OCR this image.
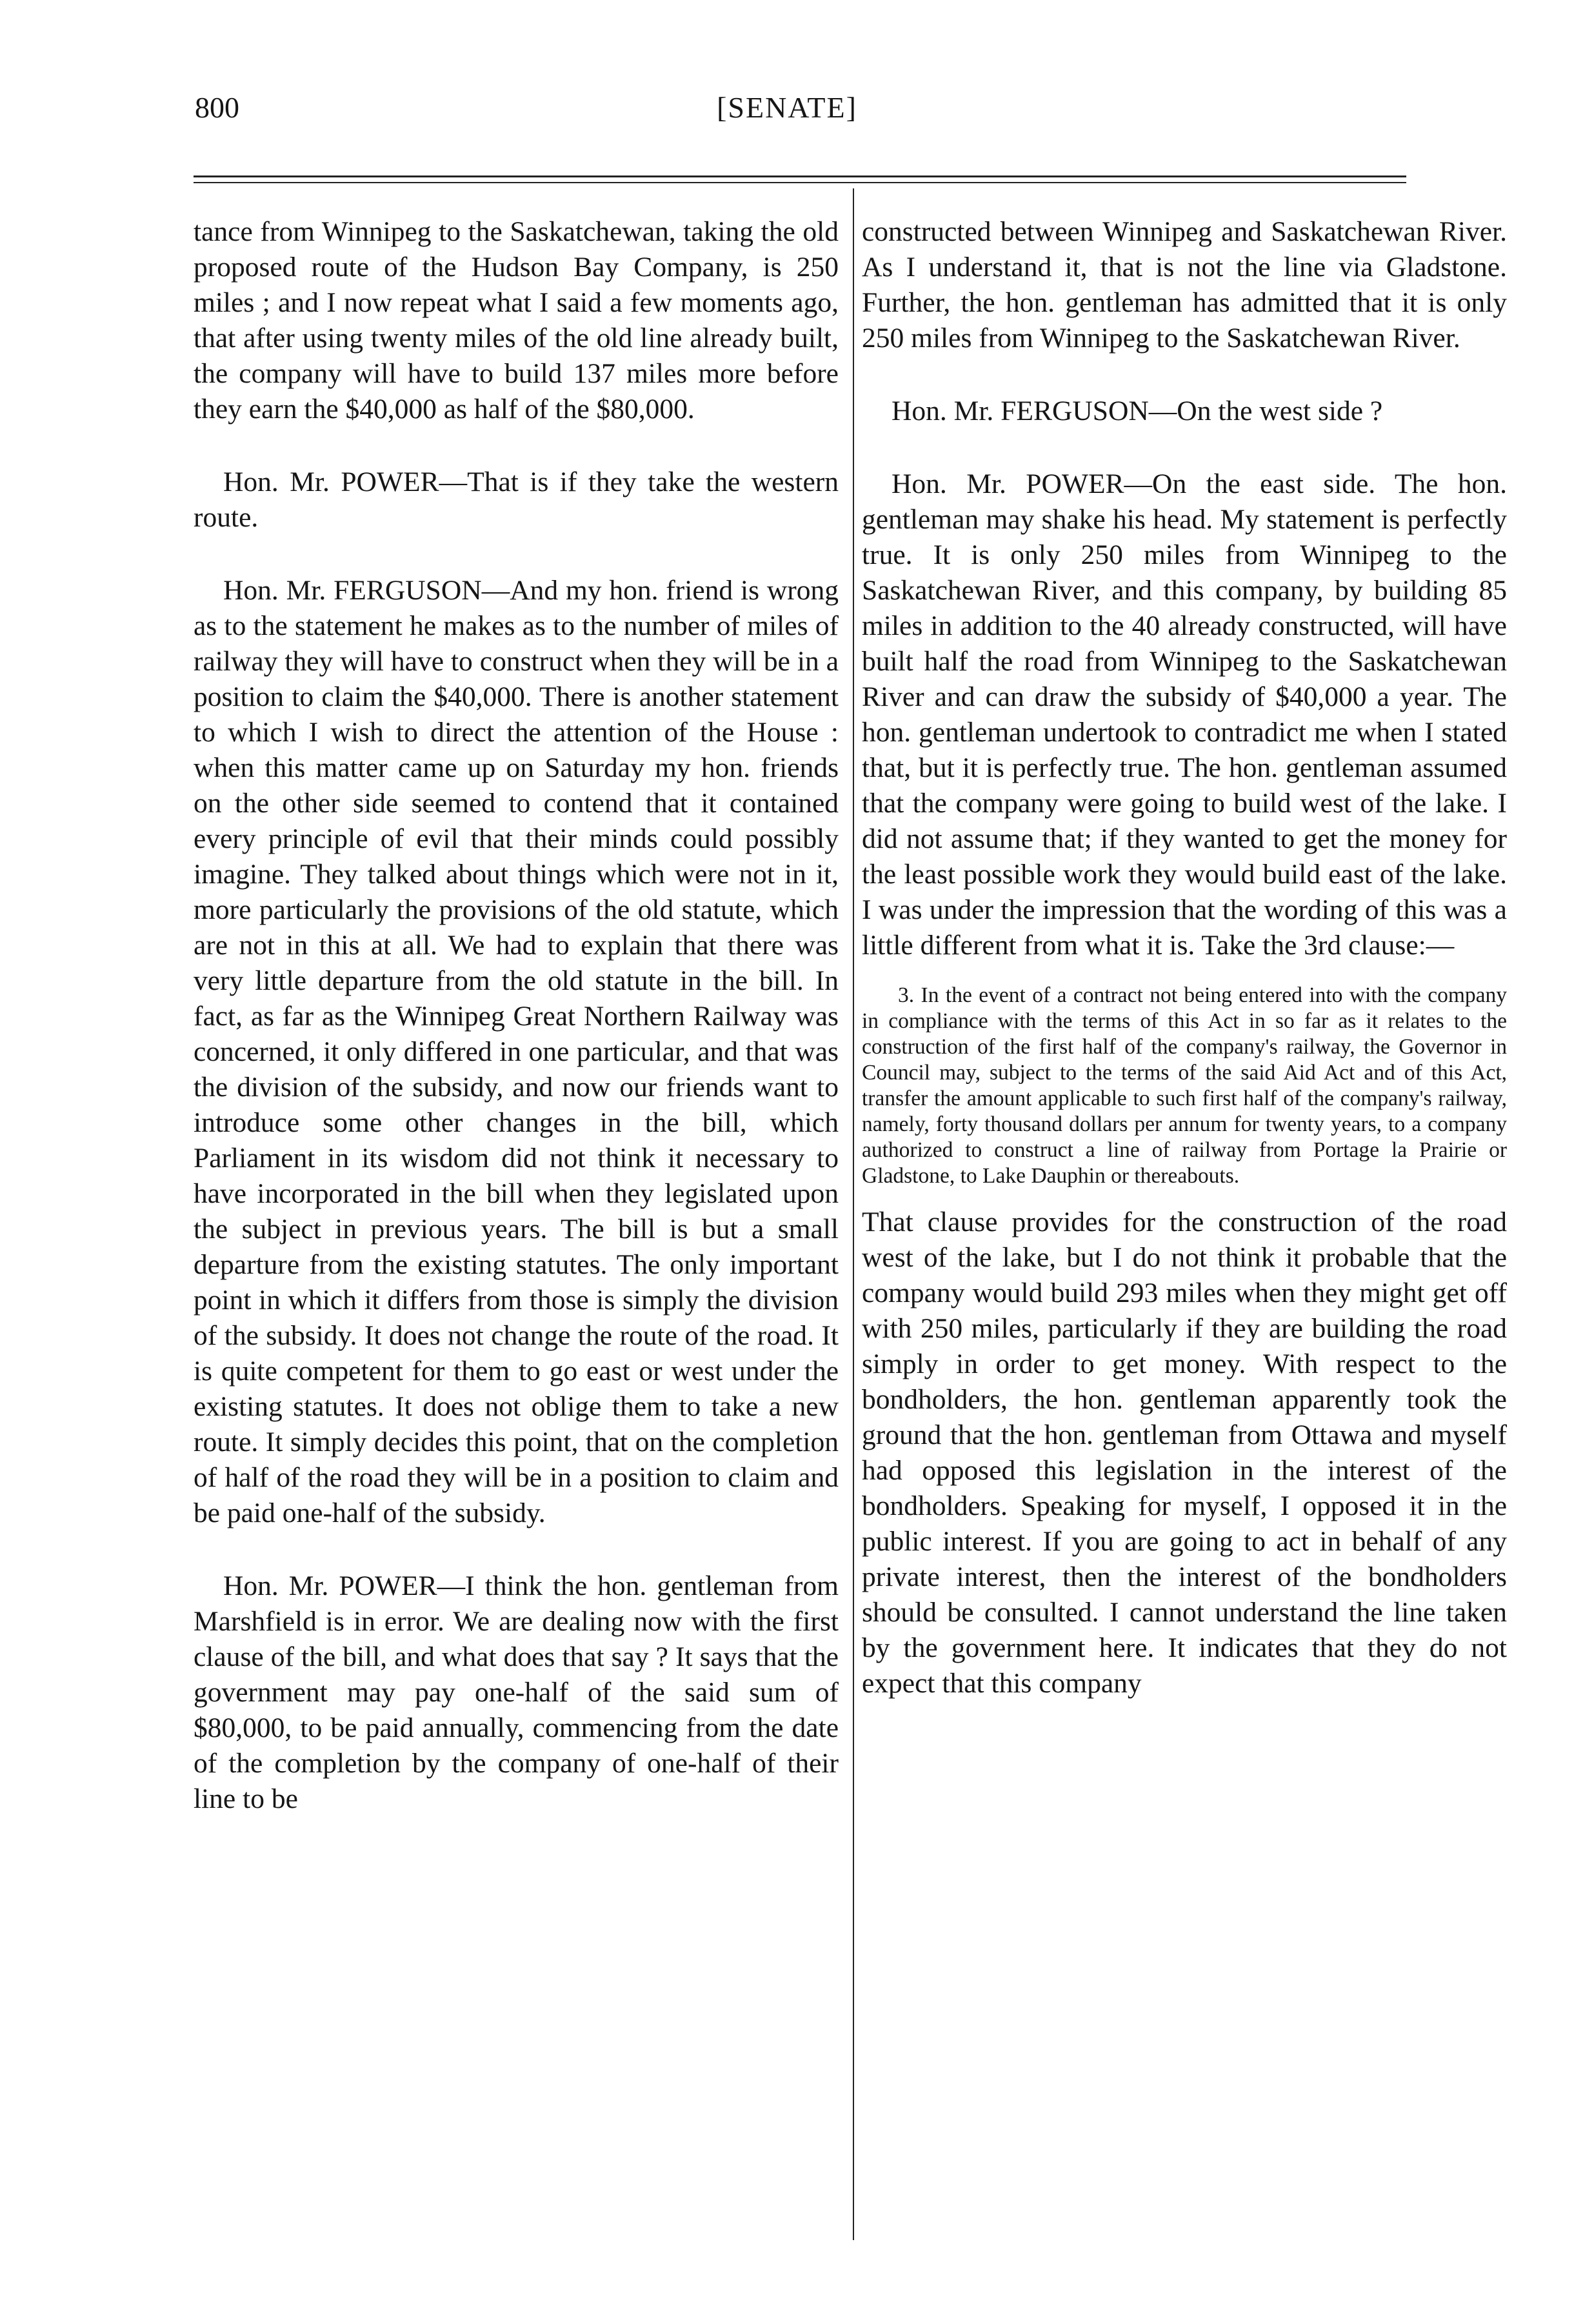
800	[SENATE]

tance from Winnipeg to the Saskatchewan, taking the old proposed route of the Hudson Bay Company, is 250 miles ; and I now repeat what I said a few moments ago, that after using twenty miles of the old line already built, the company will have to build 137 miles more before they earn the $40,000 as half of the $80,000.

Hon. Mr. POWER—That is if they take the western route.

Hon. Mr. FERGUSON—And my hon. friend is wrong as to the statement he makes as to the number of miles of railway they will have to construct when they will be in a position to claim the $40,000. There is another statement to which I wish to direct the attention of the House : when this matter came up on Saturday my hon. friends on the other side seemed to contend that it contained every principle of evil that their minds could possibly imagine. They talked about things which were not in it, more particularly the provisions of the old statute, which are not in this at all. We had to explain that there was very little departure from the old statute in the bill. In fact, as far as the Winnipeg Great Northern Railway was concerned, it only differed in one particular, and that was the division of the subsidy, and now our friends want to introduce some other changes in the bill, which Parliament in its wisdom did not think it necessary to have incorporated in the bill when they legislated upon the subject in previous years. The bill is but a small departure from the existing statutes. The only important point in which it differs from those is simply the division of the subsidy. It does not change the route of the road. It is quite competent for them to go east or west under the existing statutes. It does not oblige them to take a new route. It simply decides this point, that on the completion of half of the road they will be in a position to claim and be paid one-half of the subsidy.

Hon. Mr. POWER—I think the hon. gentleman from Marshfield is in error. We are dealing now with the first clause of the bill, and what does that say ? It says that the government may pay one-half of the said sum of $80,000, to be paid annually, commencing from the date of the completion by the company of one-half of their line to be

constructed between Winnipeg and Saskatchewan River. As I understand it, that is not the line via Gladstone. Further, the hon. gentleman has admitted that it is only 250 miles from Winnipeg to the Saskatchewan River.

Hon. Mr. FERGUSON—On the west side ?

Hon. Mr. POWER—On the east side. The hon. gentleman may shake his head. My statement is perfectly true. It is only 250 miles from Winnipeg to the Saskatchewan River, and this company, by building 85 miles in addition to the 40 already constructed, will have built half the road from Winnipeg to the Saskatchewan River and can draw the subsidy of $40,000 a year. The hon. gentleman undertook to contradict me when I stated that, but it is perfectly true. The hon. gentleman assumed that the company were going to build west of the lake. I did not assume that; if they wanted to get the money for the least possible work they would build east of the lake. I was under the impression that the wording of this was a little different from what it is. Take the 3rd clause:—

3. In the event of a contract not being entered into with the company in compliance with the terms of this Act in so far as it relates to the construction of the first half of the company's railway, the Governor in Council may, subject to the terms of the said Aid Act and of this Act, transfer the amount applicable to such first half of the company's railway, namely, forty thousand dollars per annum for twenty years, to a company authorized to construct a line of railway from Portage la Prairie or Gladstone, to Lake Dauphin or thereabouts.

That clause provides for the construction of the road west of the lake, but I do not think it probable that the company would build 293 miles when they might get off with 250 miles, particularly if they are building the road simply in order to get money. With respect to the bondholders, the hon. gentleman apparently took the ground that the hon. gentleman from Ottawa and myself had opposed this legislation in the interest of the bondholders. Speaking for myself, I opposed it in the public interest. If you are going to act in behalf of any private interest, then the interest of the bondholders should be consulted. I cannot understand the line taken by the government here. It indicates that they do not expect that this company
